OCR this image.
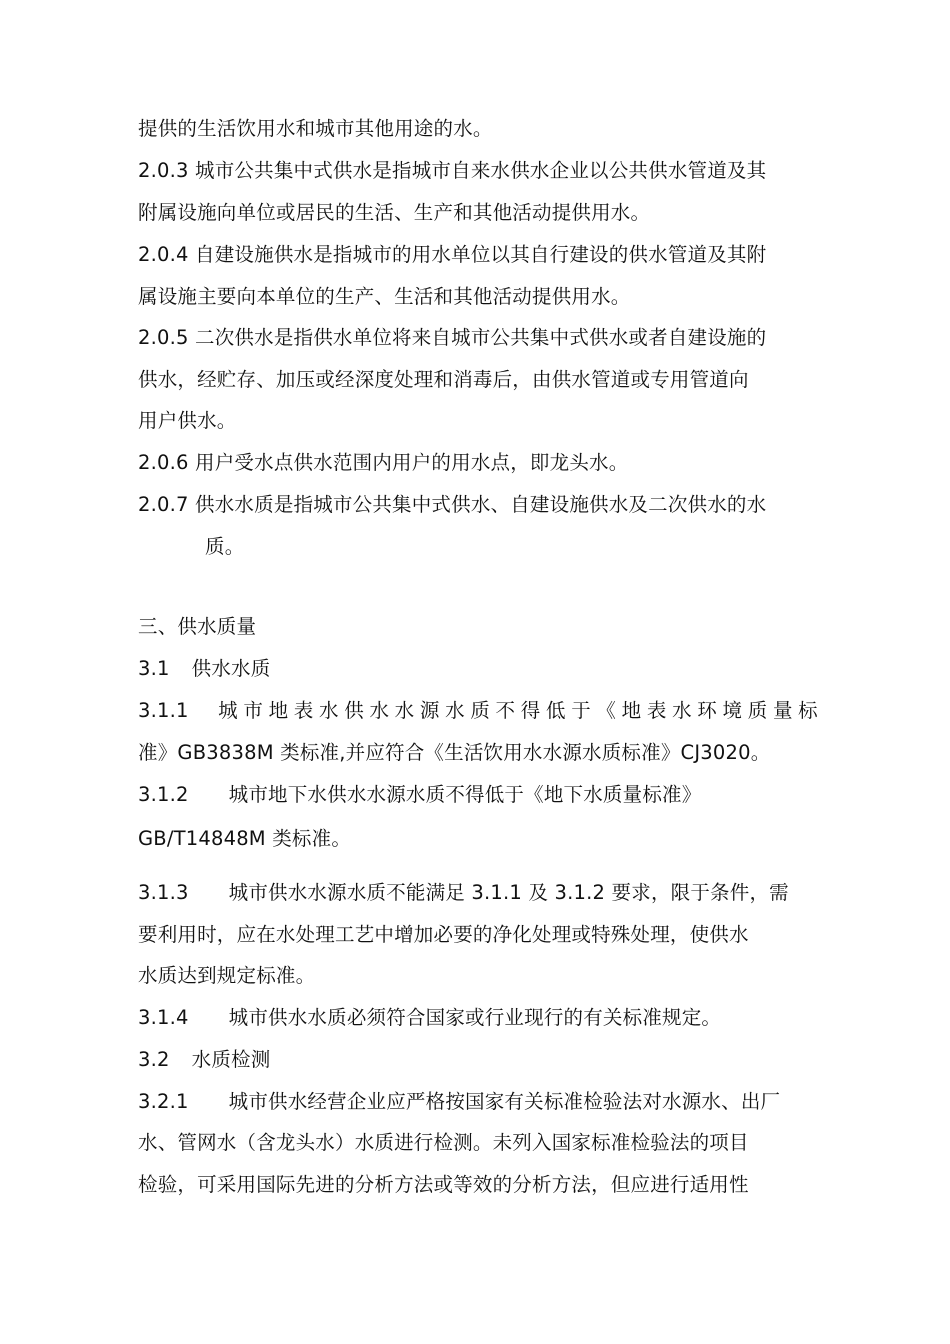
提供的生活饮用水和城市其他用途的水。
2.0.3 城市公共集中式供水是指城市自来水供水企业以公共供水管道及其
附属设施向单位或居民的生活、生产和其他活动提供用水。
2.0.4 自建设施供水是指城市的用水单位以其自行建设的供水管道及其附
属设施主要向本单位的生产、生活和其他活动提供用水。
2.0.5 二次供水是指供水单位将来自城市公共集中式供水或者自建设施的
供水，经贮存、加压或经深度处理和消毒后，由供水管道或专用管道向
用户供水。
2.0.6 用户受水点供水范围内用户的用水点，即龙头水。
2.0.7 供水水质是指城市公共集中式供水、自建设施供水及二次供水的水
质。
三、供水质量
3.1 供水水质
3.1.1 城 市 地 表 水 供 水 水 源 水 质 不 得 低 于 《 地 表 水 环 境 质 量 标
准》GB3838M 类标准,并应符合《生活饮用水水源水质标准》CJ3020。
3.1.2 城市地下水供水水源水质不得低于《地下水质量标准》
GB/T14848M 类标准。
3.1.3 城市供水水源水质不能满足 3.1.1 及 3.1.2 要求，限于条件，需
要利用时，应在水处理工艺中增加必要的净化处理或特殊处理，使供水
水质达到规定标准。
3.1.4 城市供水水质必须符合国家或行业现行的有关标准规定。
3.2 水质检测
3.2.1 城市供水经营企业应严格按国家有关标准检验法对水源水、出厂
水、管网水（含龙头水）水质进行检测。未列入国家标准检验法的项目
检验，可采用国际先进的分析方法或等效的分析方法，但应进行适用性
